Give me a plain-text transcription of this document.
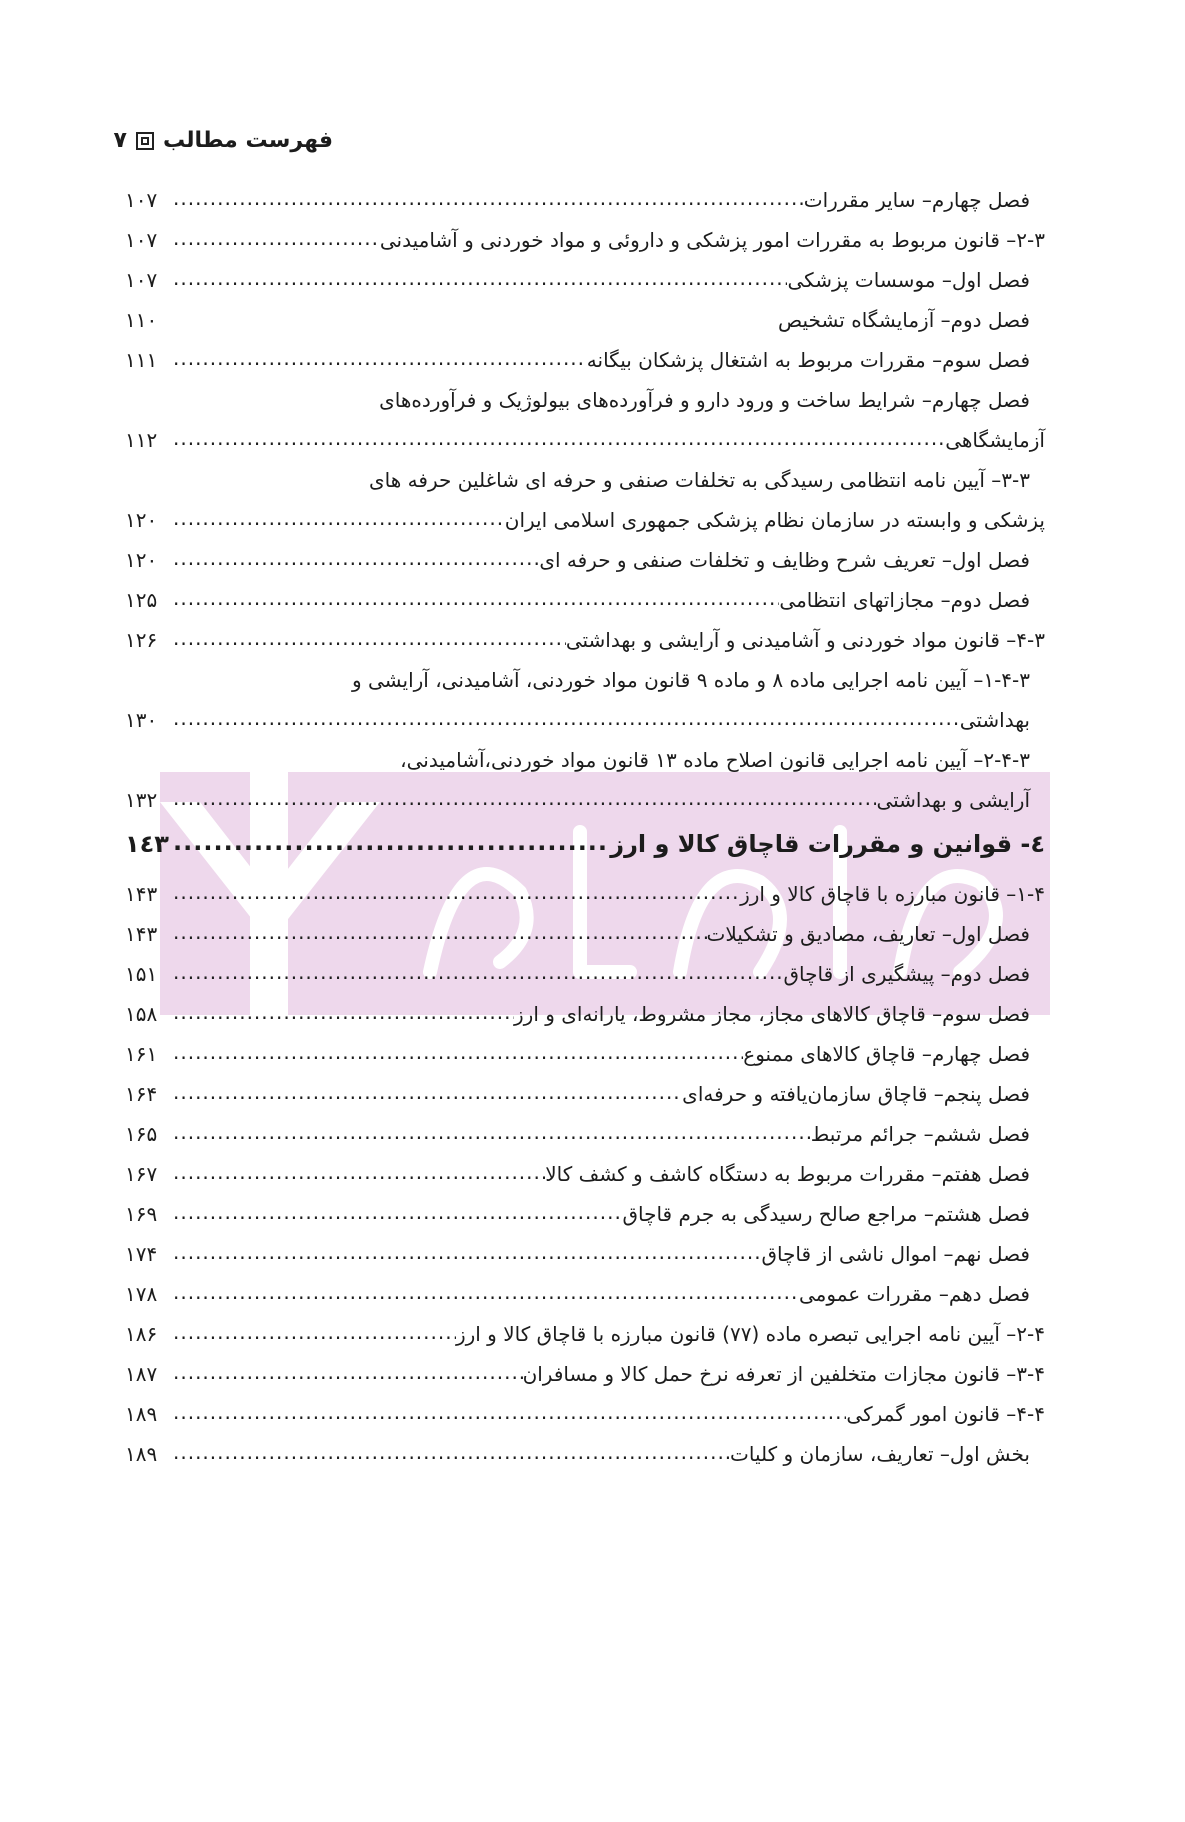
فهرست مطالب
۷
فصل چهارم– سایر مقررات
.....
۱۰۷
۲-۳– قانون مربوط به مقررات امور پزشکی و داروئی و مواد خوردنی و آشامیدنی
.....
۱۰۷
فصل اول– موسسات پزشکی
.....
۱۰۷
فصل دوم– آزمایشگاه تشخیص
۱۱۰
فصل سوم– مقررات مربوط به اشتغال پزشکان بیگانه
.....
۱۱۱
فصل چهارم– شرایط ساخت و ورود دارو و فرآورده‌های بیولوژیک و فرآورده‌های
آزمایشگاهی
.....
۱۱۲
۳-۳– آیین نامه انتظامی رسیدگی به تخلفات صنفی و حرفه ای شاغلین حرفه های
پزشکی و وابسته در سازمان نظام پزشکی جمهوری اسلامی ایران
.....
۱۲۰
فصل اول– تعریف شرح وظایف و تخلفات صنفی و حرفه ای
.....
۱۲۰
فصل دوم– مجازاتهای انتظامی
.....
۱۲۵
۴-۳– قانون مواد خوردنی و آشامیدنی و آرایشی و بهداشتی
.....
۱۲۶
۱-۴-۳– آیین نامه اجرایی ماده ۸ و ماده ۹ قانون مواد خوردنی، آشامیدنی، آرایشی و
بهداشتی
.....
۱۳۰
۲-۴-۳– آیین نامه اجرایی قانون اصلاح ماده ۱۳ قانون مواد خوردنی،آشامیدنی،
آرایشی و بهداشتی
.....
۱۳۲
٤- قوانین و مقررات قاچاق کالا و ارز
.....
۱٤۳
۱-۴– قانون مبارزه با قاچاق کالا و ارز
.....
۱۴۳
فصل اول– تعاریف، مصادیق و تشکیلات
.....
۱۴۳
فصل دوم– پیشگیری از قاچاق
.....
۱۵۱
فصل سوم– قاچاق کالاهای مجاز، مجاز مشروط، یارانه‌ای و ارز
.....
۱۵۸
فصل چهارم– قاچاق کالاهای ممنوع
.....
۱۶۱
فصل پنجم– قاچاق سازمان‌یافته و حرفه‌ای
.....
۱۶۴
فصل ششم– جرائم مرتبط
.....
۱۶۵
فصل هفتم– مقررات مربوط به دستگاه کاشف و کشف کالا
.....
۱۶۷
فصل هشتم– مراجع صالح رسیدگی به جرم قاچاق
.....
۱۶۹
فصل نهم– اموال ناشی از قاچاق
.....
۱۷۴
فصل دهم– مقررات عمومی
.....
۱۷۸
۲-۴– آیین نامه اجرایی تبصره ماده (۷۷) قانون مبارزه با قاچاق کالا و ارز
.....
۱۸۶
۳-۴– قانون مجازات متخلفین از تعرفه نرخ حمل کالا و مسافران
.....
۱۸۷
۴-۴– قانون امور گمرکی
.....
۱۸۹
بخش اول– تعاریف، سازمان و کلیات
.....
۱۸۹
